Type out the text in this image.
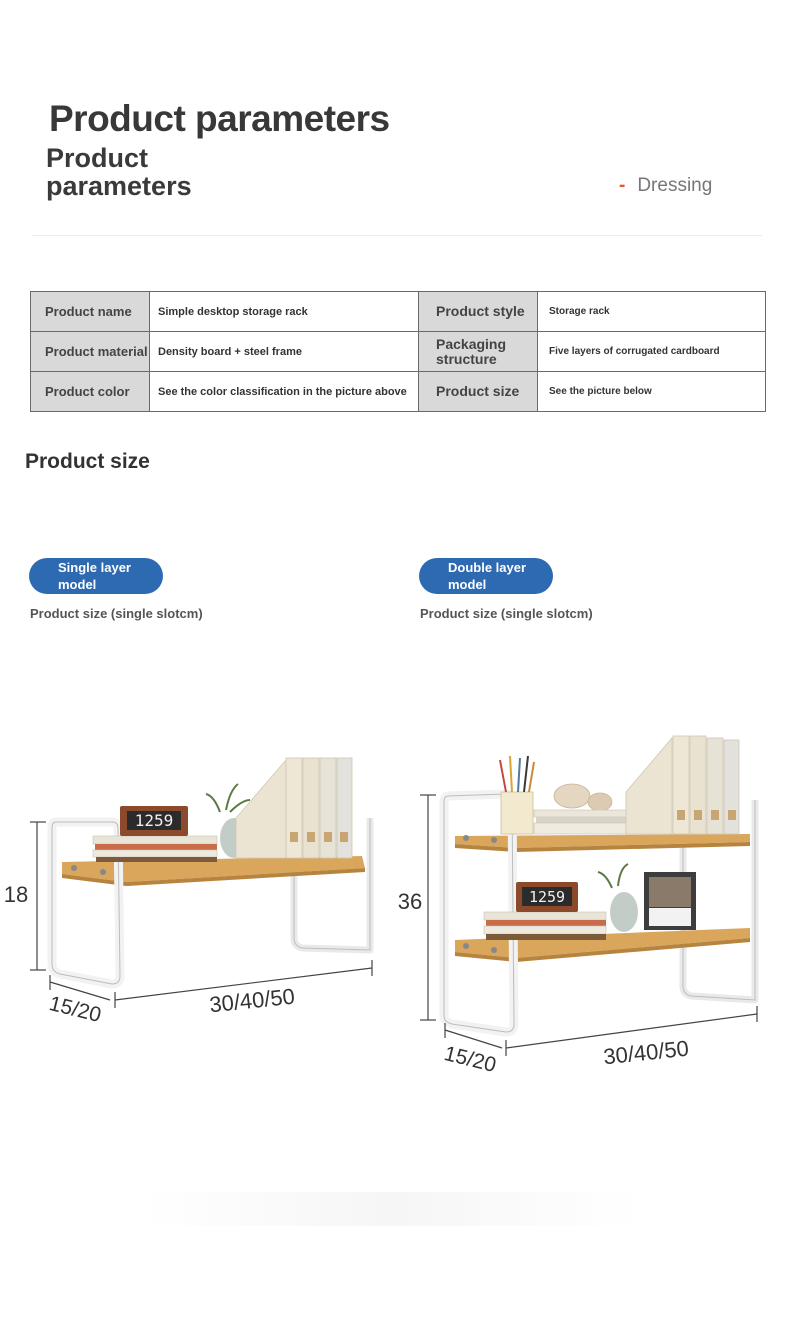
Product parameters
Product parameters	- Dressing
Product name	Simple desktop storage rack	Product style	Storage rack
Product material	Density board + steel frame	Packaging structure	Five layers of corrugated cardboard
Product color	See the color classification in the picture above	Product size	See the picture below
Product size
Single layer model
Double layer model
Product size (single slotcm)	Product size (single slotcm)
1259
18
30/40/50
15/20
1259
36
30/40/50
15/20
